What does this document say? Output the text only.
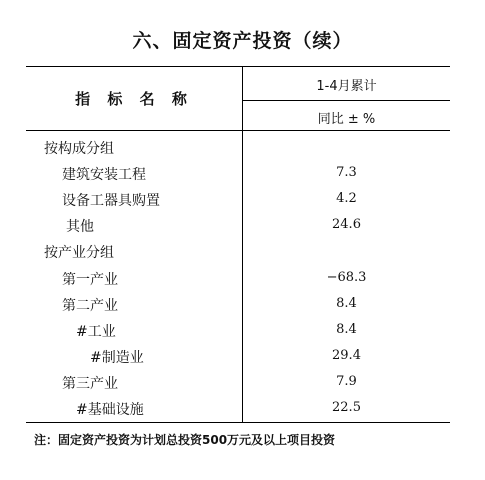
六、固定资产投资（续）
指 标 名 称
1-4月累计
同比 ± %
按构成分组
建筑安装工程	7.3
设备工器具购置	4.2
其他	24.6
按产业分组
第一产业	−68.3
第二产业	8.4
#工业	8.4
#制造业	29.4
第三产业	7.9
#基础设施	22.5
注：固定资产投资为计划总投资500万元及以上项目投资
